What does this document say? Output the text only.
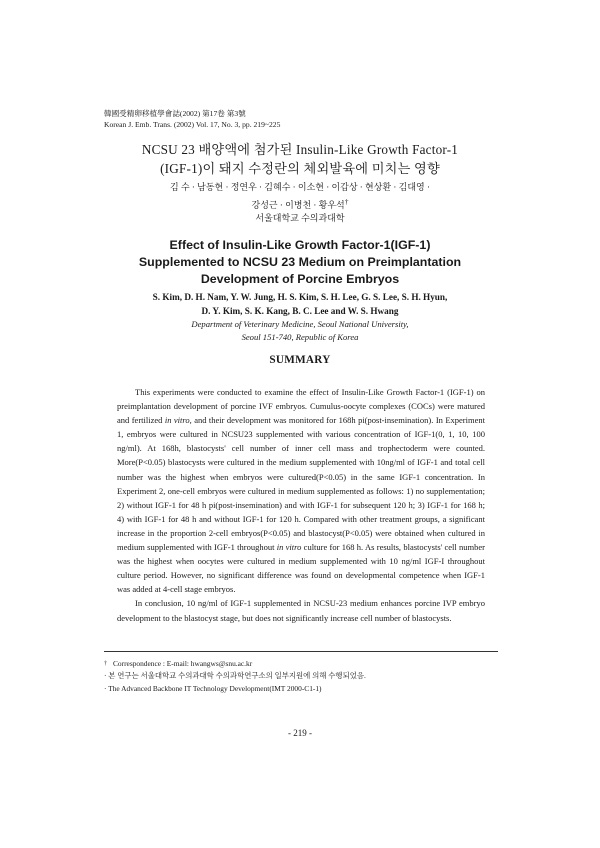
韓國受精卵移植學會誌(2002) 第17卷 第3號
Korean J. Emb. Trans. (2002) Vol. 17, No. 3, pp. 219~225
NCSU 23 배양액에 첨가된 Insulin-Like Growth Factor-1
(IGF-1)이 돼지 수정란의 체외발육에 미치는 영향
김 수 · 남동현 · 정연우 · 김혜수 · 이소현 · 이갑상 · 현상환 · 김대영 ·
강성근 · 이병천 · 황우석†
서울대학교 수의과대학
Effect of Insulin-Like Growth Factor-1(IGF-1)
Supplemented to NCSU 23 Medium on Preimplantation
Development of Porcine Embryos
S. Kim, D. H. Nam, Y. W. Jung, H. S. Kim, S. H. Lee, G. S. Lee, S. H. Hyun,
D. Y. Kim, S. K. Kang, B. C. Lee and W. S. Hwang
Department of Veterinary Medicine, Seoul National University,
Seoul 151-740, Republic of Korea
SUMMARY

This experiments were conducted to examine the effect of Insulin-Like Growth Factor-1 (IGF-1) on preimplantation development of porcine IVF embryos. Cumulus-oocyte complexes (COCs) were matured and fertilized in vitro, and their development was monitored for 168h pi(post-insemination). In Experiment 1, embryos were cultured in NCSU23 supplemented with various concentration of IGF-1(0, 1, 10, 100 ng/ml). At 168h, blastocysts' cell number of inner cell mass and trophectoderm were counted. More(P<0.05) blastocysts were cultured in the medium supplemented with 10ng/ml of IGF-1 and total cell number was the highest when embryos were cultured(P<0.05) in the same IGF-1 concentration. In Experiment 2, one-cell embryos were cultured in medium supplemented as follows: 1) no supplementation; 2) without IGF-1 for 48 h pi(post-insemination) and with IGF-1 for subsequent 120 h; 3) IGF-1 for 168 h; 4) with IGF-1 for 48 h and without IGF-1 for 120 h. Compared with other treatment groups, a significant increase in the proportion 2-cell embryos(P<0.05) and blastocyst(P<0.05) were obtained when cultured in medium supplemented with IGF-1 throughout in vitro culture for 168 h. As results, blastocysts' cell number was the highest when oocytes were cultured in medium supplemented with 10 ng/ml IGF-I throughout culture period. However, no significant difference was found on developmental competence when IGF-1 was added at 4-cell stage embryos.

In conclusion, 10 ng/ml of IGF-1 supplemented in NCSU-23 medium enhances porcine IVP embryo development to the blastocyst stage, but does not significantly increase cell number of blastocysts.

† Correspondence : E-mail: hwangws@snu.ac.kr
· 본 연구는 서울대학교 수의과대학 수의과학연구소의 일부지원에 의해 수행되었음.
· The Advanced Backbone IT Technology Development(IMT 2000-C1-1)
- 219 -
